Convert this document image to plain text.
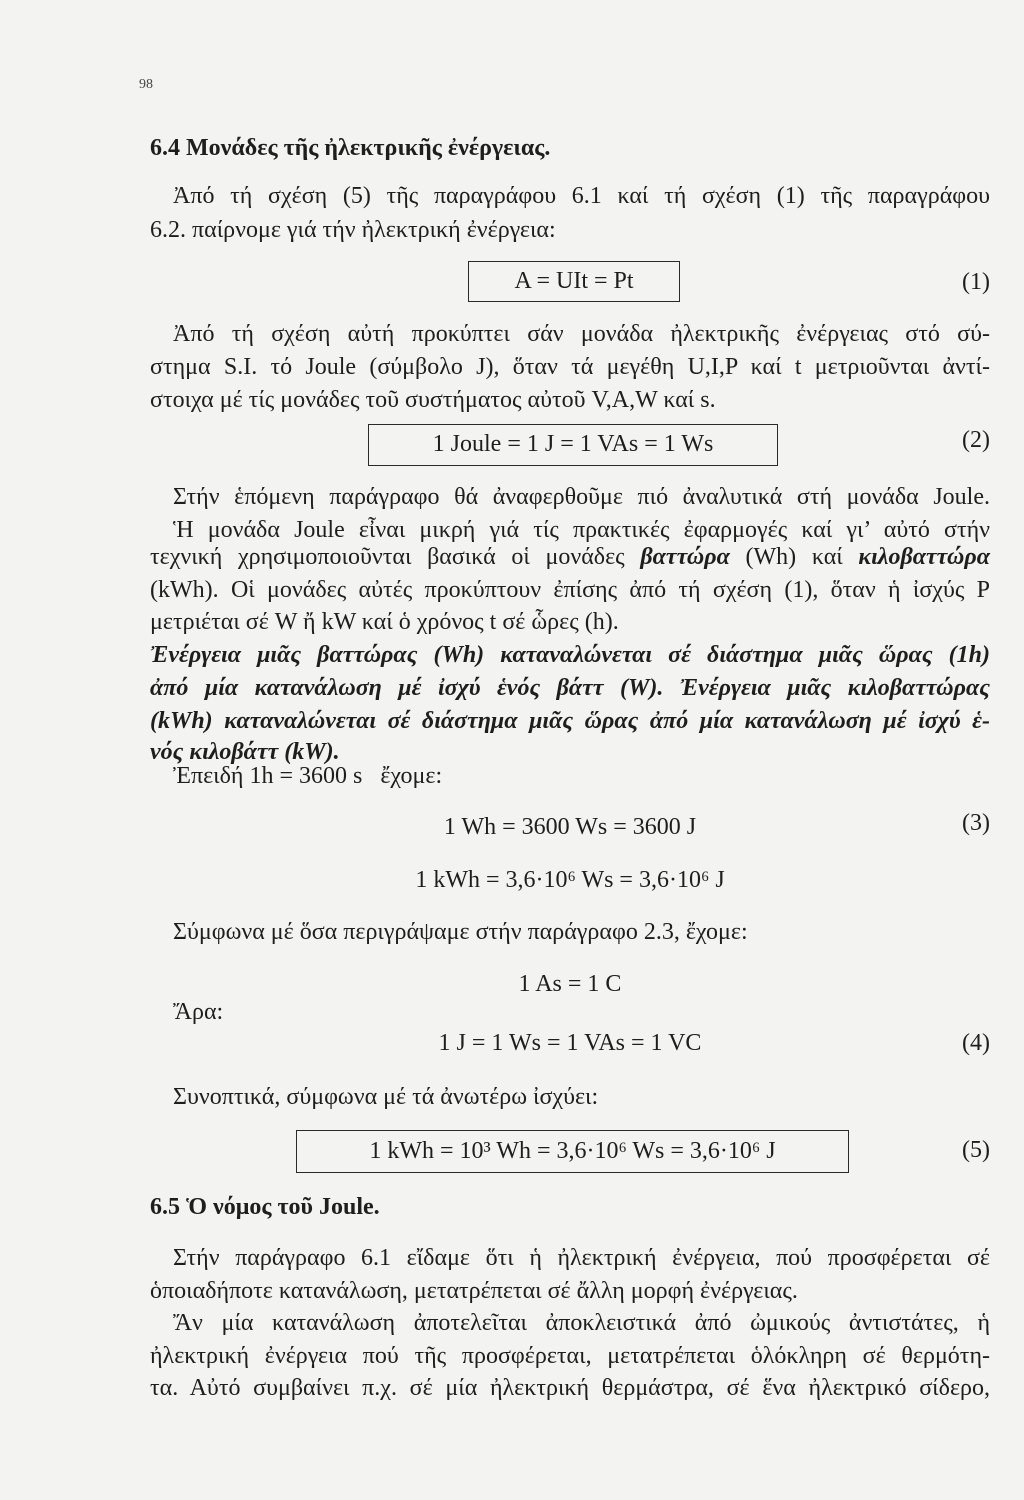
98
6.4 Μονάδες τῆς ἠλεκτρικῆς ἐνέργειας.
Ἀπό τή σχέση (5) τῆς παραγράφου 6.1 καί τή σχέση (1) τῆς παραγράφου
6.2. παίρνομε γιά τήν ἠλεκτρική ἐνέργεια:
A = UIt = Pt	(1)
Ἀπό τή σχέση αὐτή προκύπτει σάν μονάδα ἠλεκτρικῆς ἐνέργειας στό σύ-
στημα S.I. τό Joule (σύμβολο J), ὅταν τά μεγέθη U,I,P καί t μετριοῦνται ἀντί-
στοιχα μέ τίς μονάδες τοῦ συστήματος αὐτοῦ V,A,W καί s.
1 Joule = 1 J = 1 VAs = 1 Ws	(2)
Στήν ἑπόμενη παράγραφο θά ἀναφερθοῦμε πιό ἀναλυτικά στή μονάδα Joule.
Ἡ μονάδα Joule εἶναι μικρή γιά τίς πρακτικές ἐφαρμογές καί γι’ αὐτό στήν
τεχνική χρησιμοποιοῦνται βασικά οἱ μονάδες βαττώρα (Wh) καί κιλοβαττώρα
(kWh). Οἱ μονάδες αὐτές προκύπτουν ἐπίσης ἀπό τή σχέση (1), ὅταν ἡ ἰσχύς P
μετριέται σέ W ἤ kW καί ὁ χρόνος t σέ ὧρες (h).
Ἐνέργεια μιᾶς βαττώρας (Wh) καταναλώνεται σέ διάστημα μιᾶς ὥρας (1h)
ἀπό μία κατανάλωση μέ ἰσχύ ἑνός βάττ (W). Ἐνέργεια μιᾶς κιλοβαττώρας
(kWh) καταναλώνεται σέ διάστημα μιᾶς ὥρας ἀπό μία κατανάλωση μέ ἰσχύ ἑ-
νός κιλοβάττ (kW).
Ἐπειδή 1h = 3600 s   ἔχομε:
1 Wh = 3600 Ws = 3600 J	(3)
1 kWh = 3,6·10⁶ Ws = 3,6·10⁶ J
Σύμφωνα μέ ὅσα περιγράψαμε στήν παράγραφο 2.3, ἔχομε:
1 As = 1 C
Ἄρα:
1 J = 1 Ws = 1 VAs = 1 VC	(4)
Συνοπτικά, σύμφωνα μέ τά ἀνωτέρω ἰσχύει:
1 kWh = 10³ Wh = 3,6·10⁶ Ws = 3,6·10⁶ J	(5)
6.5 Ὁ νόμος τοῦ Joule.
Στήν παράγραφο 6.1 εἴδαμε ὅτι ἡ ἠλεκτρική ἐνέργεια, πού προσφέρεται σέ
ὁποιαδήποτε κατανάλωση, μετατρέπεται σέ ἄλλη μορφή ἐνέργειας.
Ἄν μία κατανάλωση ἀποτελεῖται ἀποκλειστικά ἀπό ὠμικούς ἀντιστάτες, ἡ
ἠλεκτρική ἐνέργεια πού τῆς προσφέρεται, μετατρέπεται ὁλόκληρη σέ θερμότη-
τα. Αὐτό συμβαίνει π.χ. σέ μία ἠλεκτρική θερμάστρα, σέ ἕνα ἠλεκτρικό σίδερο,
